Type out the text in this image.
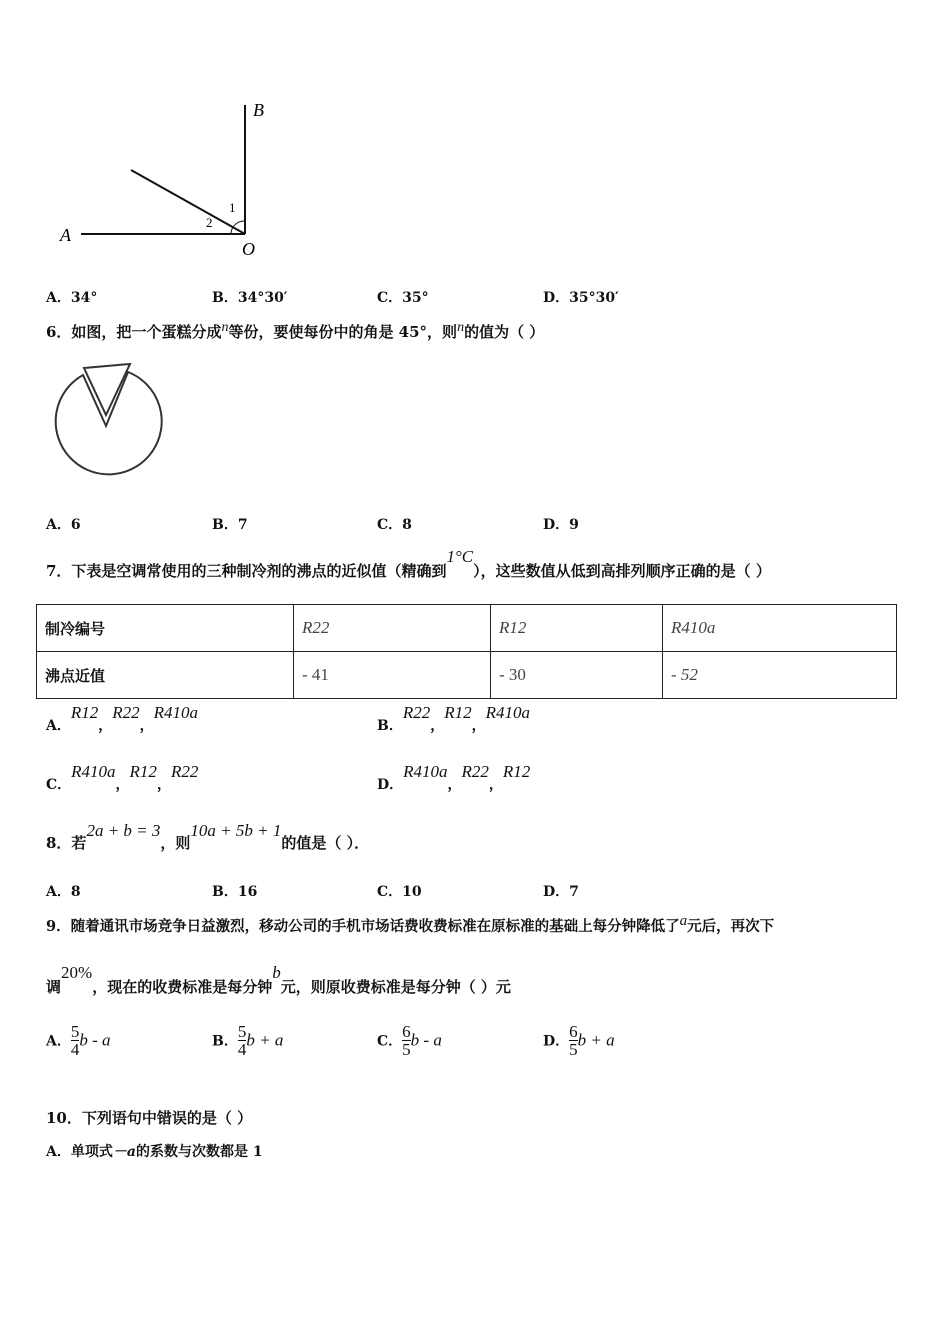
A
B
O
1
2
A．34°	B．34°30′	C．35°	D．35°30′
6．如图，把一个蛋糕分成$^n$等份，要使每份中的角是 45°，则$^n$的值为（ ）
A．6	B．7	C．8	D．9
7．下表是空调常使用的三种制冷剂的沸点的近似值（精确到1°C），这些数值从低到高排列顺序正确的是（ ）
制冷编号	R22	R12	R410a
沸点近值	- 41	- 30	- 52
A．R12，R22，R410a
B．R22，R12，R410a
C．R410a，R12，R22
D．R410a，R22，R12
8．若2a + b = 3，则10a + 5b + 1的值是（ ）．
A．8	B．16	C．10	D．7
9．随着通讯市场竞争日益激烈，移动公司的手机市场话费收费标准在原标准的基础上每分钟降低了$^a$元后，再次下
调20%，现在的收费标准是每分钟b元，则原收费标准是每分钟（ ）元
A． $\frac{5}{4}$ b - a	B． $\frac{5}{4}$ b + a	C． $\frac{6}{5}$ b - a	D． $\frac{6}{5}$ b + a
10．下列语句中错误的是（ ）
A．单项式－a的系数与次数都是 1
